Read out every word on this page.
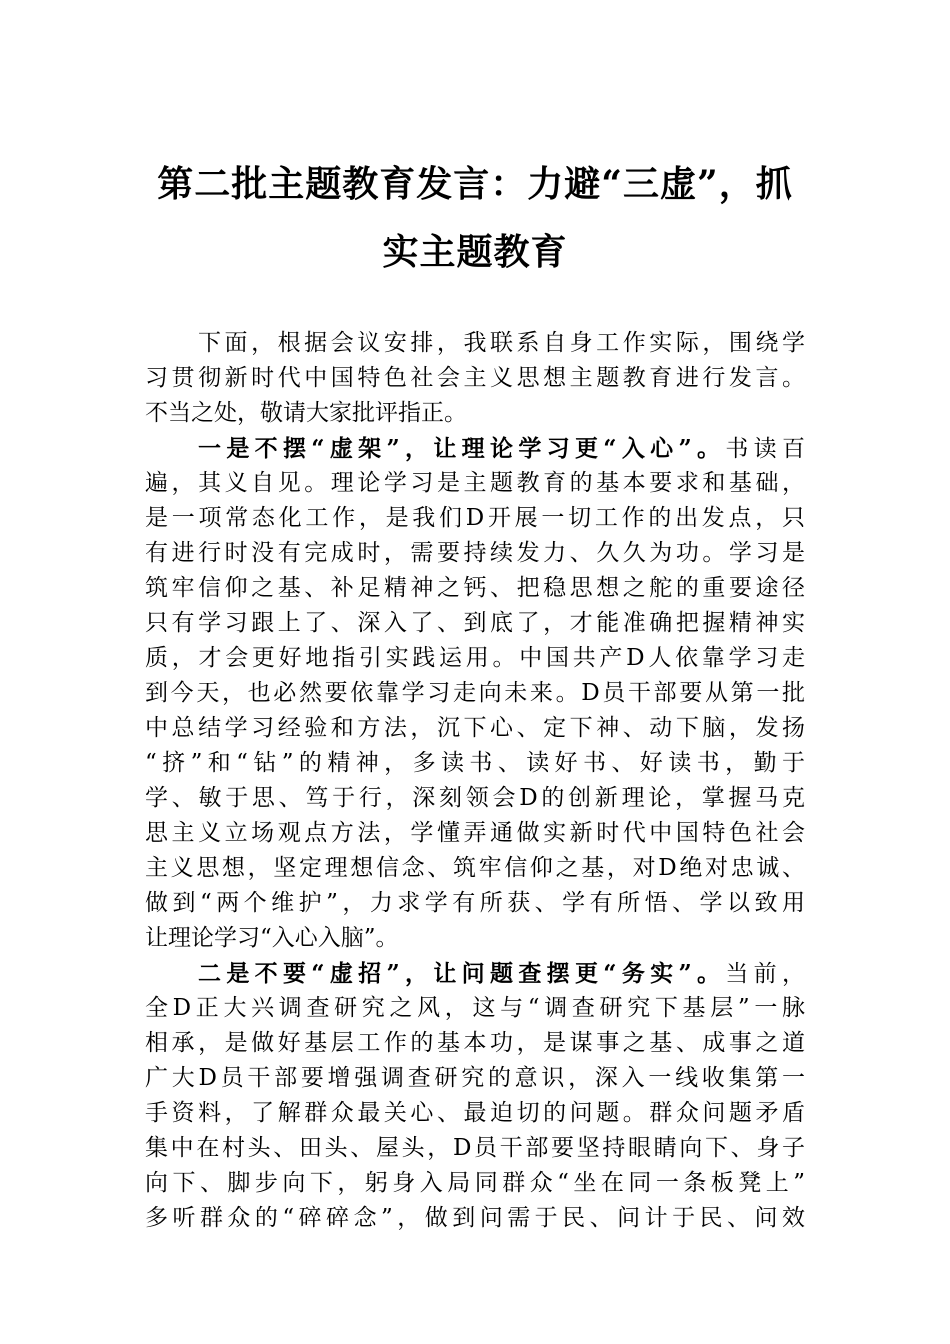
第二批主题教育发言：力避“三虚”，抓
实主题教育
下面，根据会议安排，我联系自身工作实际，围绕学
习贯彻新时代中国特色社会主义思想主题教育进行发言。
不当之处，敬请大家批评指正。
一是不摆“虚架”，让理论学习更“入心”。书读百
遍，其义自见。理论学习是主题教育的基本要求和基础，
是一项常态化工作，是我们D开展一切工作的出发点，只
有进行时没有完成时，需要持续发力、久久为功。学习是
筑牢信仰之基、补足精神之钙、把稳思想之舵的重要途径
只有学习跟上了、深入了、到底了，才能准确把握精神实
质，才会更好地指引实践运用。中国共产D人依靠学习走
到今天，也必然要依靠学习走向未来。D员干部要从第一批
中总结学习经验和方法，沉下心、定下神、动下脑，发扬
“挤”和“钻”的精神，多读书、读好书、好读书，勤于
学、敏于思、笃于行，深刻领会D的创新理论，掌握马克
思主义立场观点方法，学懂弄通做实新时代中国特色社会
主义思想，坚定理想信念、筑牢信仰之基，对D绝对忠诚、
做到“两个维护”，力求学有所获、学有所悟、学以致用
让理论学习“入心入脑”。
二是不要“虚招”，让问题查摆更“务实”。当前，
全D正大兴调查研究之风，这与“调查研究下基层”一脉
相承，是做好基层工作的基本功，是谋事之基、成事之道
广大D员干部要增强调查研究的意识，深入一线收集第一
手资料，了解群众最关心、最迫切的问题。群众问题矛盾
集中在村头、田头、屋头，D员干部要坚持眼睛向下、身子
向下、脚步向下，躬身入局同群众“坐在同一条板凳上”
多听群众的“碎碎念”，做到问需于民、问计于民、问效
